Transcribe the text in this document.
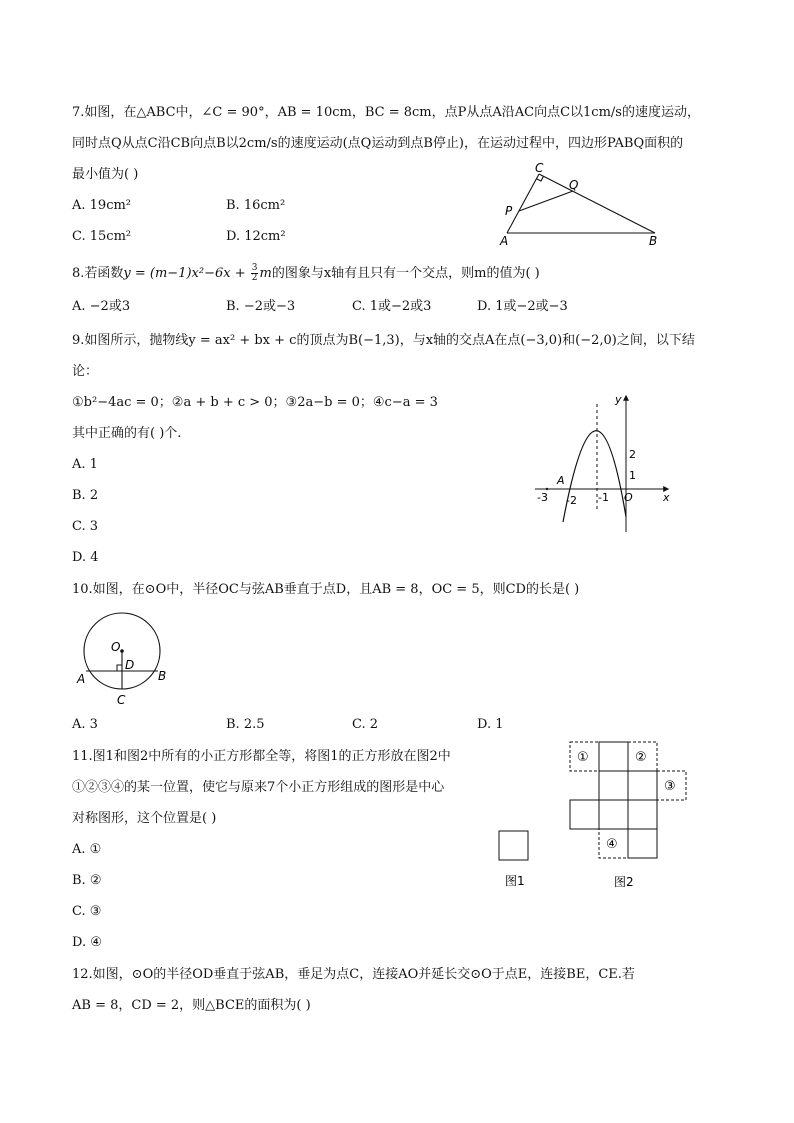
7.如图，在△ABC中，∠C = 90°，AB = 10cm，BC = 8cm，点P从点A沿AC向点C以1cm/s的速度运动，
同时点Q从点C沿CB向点B以2cm/s的速度运动(点Q运动到点B停止)，在运动过程中，四边形PABQ面积的
最小值为( )
A. 19cm²	B. 16cm²
C. 15cm²	D. 12cm²
C
Q
P
A	B
8.若函数$y = (m-1)x^2-6x + \frac{3}{2}$ m的图象与x轴有且只有一个交点，则m的值为( )
A. −2或3	B. −2或−3	C. 1或−2或3	D. 1或−2或−3
9.如图所示，抛物线y = ax² + bx + c的顶点为B(−1,3)，与x轴的交点A在点(−3,0)和(−2,0)之间，以下结
论：
①b²−4ac = 0；②a + b + c > 0；③2a−b = 0；④c−a = 3
其中正确的有( )个.
A. 1
B. 2
C. 3
D. 4
y
x
O
A
2
1
-1
-2
-3
10.如图，在⊙O中，半径OC与弦AB垂直于点D，且AB = 8，OC = 5，则CD的长是( )
O
D
A	B
C
A. 3	B. 2.5	C. 2	D. 1
11.图1和图2中所有的小正方形都全等，将图1的正方形放在图2中
①②③④的某一位置，使它与原来7个小正方形组成的图形是中心
对称图形，这个位置是( )
A. ①
B. ②
C. ③
D. ④
①	②
③
④
图1	图2
12.如图，⊙O的半径OD垂直于弦AB，垂足为点C，连接AO并延长交⊙O于点E，连接BE，CE.若
AB = 8，CD = 2，则△BCE的面积为( )
